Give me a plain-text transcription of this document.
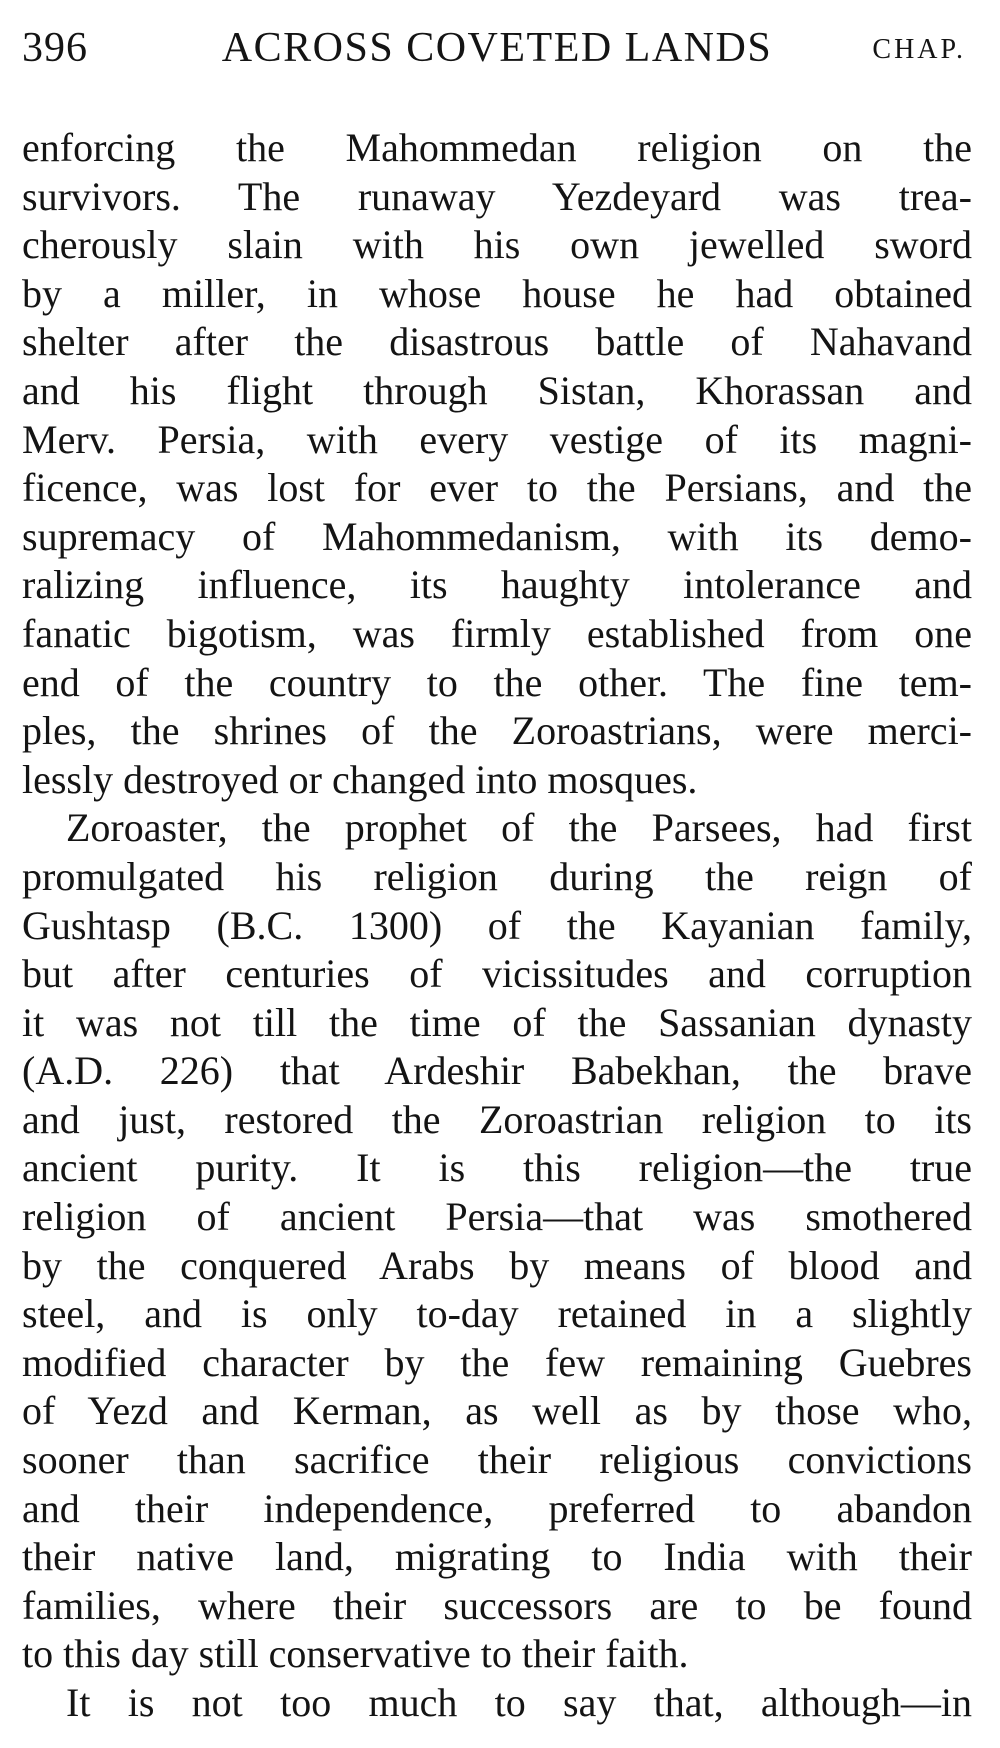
396	ACROSS COVETED LANDS	CHAP.
enforcing the Mahommedan religion on the
survivors. The runaway Yezdeyard was trea-
cherously slain with his own jewelled sword
by a miller, in whose house he had obtained
shelter after the disastrous battle of Nahavand
and his flight through Sistan, Khorassan and
Merv. Persia, with every vestige of its magni-
ficence, was lost for ever to the Persians, and the
supremacy of Mahommedanism, with its demo-
ralizing influence, its haughty intolerance and
fanatic bigotism, was firmly established from one
end of the country to the other. The fine tem-
ples, the shrines of the Zoroastrians, were merci-
lessly destroyed or changed into mosques.
Zoroaster, the prophet of the Parsees, had first
promulgated his religion during the reign of
Gushtasp (B.C. 1300) of the Kayanian family,
but after centuries of vicissitudes and corruption
it was not till the time of the Sassanian dynasty
(A.D. 226) that Ardeshir Babekhan, the brave
and just, restored the Zoroastrian religion to its
ancient purity. It is this religion—the true
religion of ancient Persia—that was smothered
by the conquered Arabs by means of blood and
steel, and is only to-day retained in a slightly
modified character by the few remaining Guebres
of Yezd and Kerman, as well as by those who,
sooner than sacrifice their religious convictions
and their independence, preferred to abandon
their native land, migrating to India with their
families, where their successors are to be found
to this day still conservative to their faith.
It is not too much to say that, although—in
